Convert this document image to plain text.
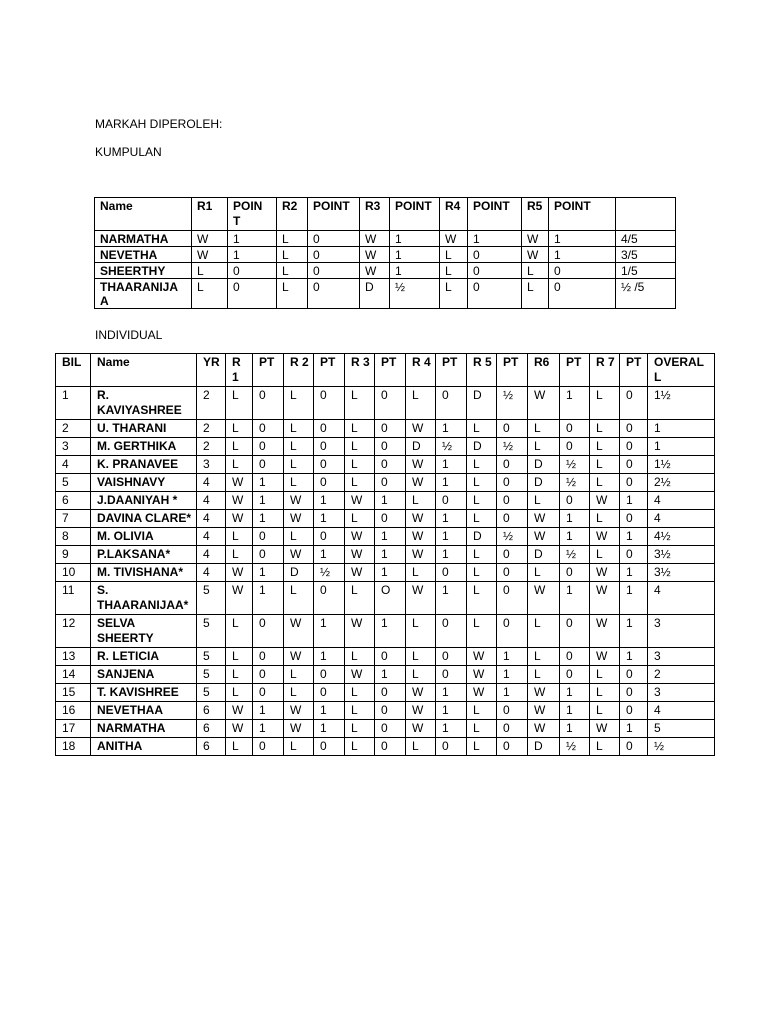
MARKAH DIPEROLEH:
KUMPULAN
Name	R1	POIN T	R2	POINT	R3	POINT	R4	POINT	R5	POINT	
NARMATHA	W	1	L	0	W	1	W	1	W	1	4/5
NEVETHA	W	1	L	0	W	1	L	0	W	1	3/5
SHEERTHY	L	0	L	0	W	1	L	0	L	0	1/5
THAARANIJAA	L	0	L	0	D	½	L	0	L	0	½ /5
INDIVIDUAL
BIL	Name	YR	R 1	PT	R 2	PT	R 3	PT	R 4	PT	R 5	PT	R6	PT	R 7	PT	OVERALL
1	R. KAVIYASHREE	2	L	0	L	0	L	0	L	0	D	½	W	1	L	0	1½
2	U. THARANI	2	L	0	L	0	L	0	W	1	L	0	L	0	L	0	1
3	M. GERTHIKA	2	L	0	L	0	L	0	D	½	D	½	L	0	L	0	1
4	K. PRANAVEE	3	L	0	L	0	L	0	W	1	L	0	D	½	L	0	1½
5	VAISHNAVY	4	W	1	L	0	L	0	W	1	L	0	D	½	L	0	2½
6	J.DAANIYAH *	4	W	1	W	1	W	1	L	0	L	0	L	0	W	1	4
7	DAVINA CLARE*	4	W	1	W	1	L	0	W	1	L	0	W	1	L	0	4
8	M. OLIVIA	4	L	0	L	0	W	1	W	1	D	½	W	1	W	1	4½
9	P.LAKSANA*	4	L	0	W	1	W	1	W	1	L	0	D	½	L	0	3½
10	M. TIVISHANA*	4	W	1	D	½	W	1	L	0	L	0	L	0	W	1	3½
11	S. THAARANIJAA*	5	W	1	L	0	L	O	W	1	L	0	W	1	W	1	4
12	SELVA SHEERTY	5	L	0	W	1	W	1	L	0	L	0	L	0	W	1	3
13	R. LETICIA	5	L	0	W	1	L	0	L	0	W	1	L	0	W	1	3
14	SANJENA	5	L	0	L	0	W	1	L	0	W	1	L	0	L	0	2
15	T. KAVISHREE	5	L	0	L	0	L	0	W	1	W	1	W	1	L	0	3
16	NEVETHAA	6	W	1	W	1	L	0	W	1	L	0	W	1	L	0	4
17	NARMATHA	6	W	1	W	1	L	0	W	1	L	0	W	1	W	1	5
18	ANITHA	6	L	0	L	0	L	0	L	0	L	0	D	½	L	0	½
